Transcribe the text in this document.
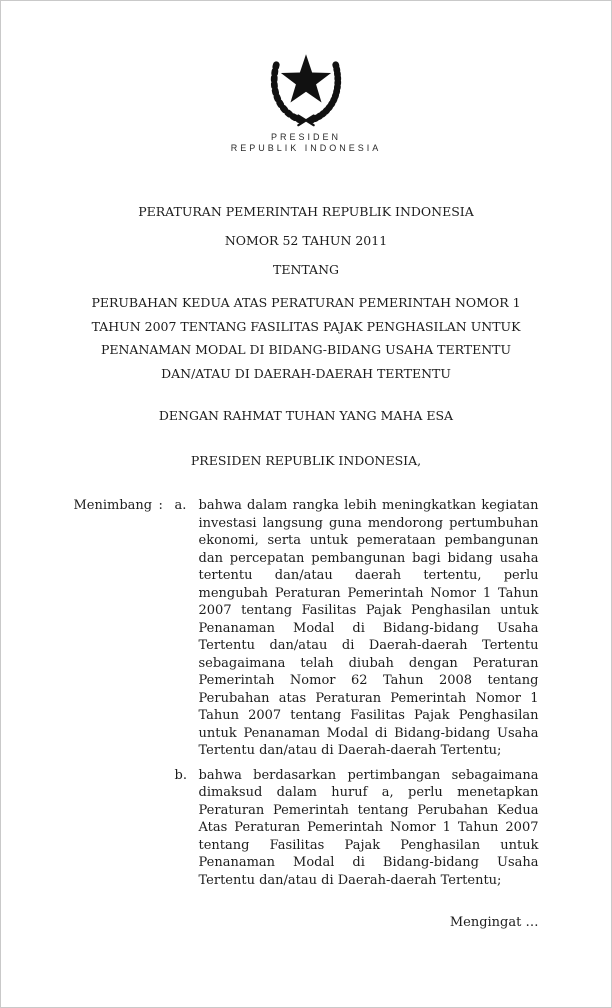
PRESIDEN
REPUBLIK INDONESIA
PERATURAN PEMERINTAH REPUBLIK INDONESIA
NOMOR 52 TAHUN 2011
TENTANG
PERUBAHAN KEDUA ATAS PERATURAN PEMERINTAH NOMOR 1 TAHUN 2007 TENTANG FASILITAS PAJAK PENGHASILAN UNTUK PENANAMAN MODAL DI BIDANG-BIDANG USAHA TERTENTU DAN/ATAU DI DAERAH-DAERAH TERTENTU
DENGAN RAHMAT TUHAN YANG MAHA ESA
PRESIDEN REPUBLIK INDONESIA,
Menimbang : a. bahwa dalam rangka lebih meningkatkan kegiatan investasi langsung guna mendorong pertumbuhan ekonomi, serta untuk pemerataan pembangunan dan percepatan pembangunan bagi bidang usaha tertentu dan/atau daerah tertentu, perlu mengubah Peraturan Pemerintah Nomor 1 Tahun 2007 tentang Fasilitas Pajak Penghasilan untuk Penanaman Modal di Bidang-bidang Usaha Tertentu dan/atau di Daerah-daerah Tertentu sebagaimana telah diubah dengan Peraturan Pemerintah Nomor 62 Tahun 2008 tentang Perubahan atas Peraturan Pemerintah Nomor 1 Tahun 2007 tentang Fasilitas Pajak Penghasilan untuk Penanaman Modal di Bidang-bidang Usaha Tertentu dan/atau di Daerah-daerah Tertentu;
b. bahwa berdasarkan pertimbangan sebagaimana dimaksud dalam huruf a, perlu menetapkan Peraturan Pemerintah tentang Perubahan Kedua Atas Peraturan Pemerintah Nomor 1 Tahun 2007 tentang Fasilitas Pajak Penghasilan untuk Penanaman Modal di Bidang-bidang Usaha Tertentu dan/atau di Daerah-daerah Tertentu;
Mengingat …
